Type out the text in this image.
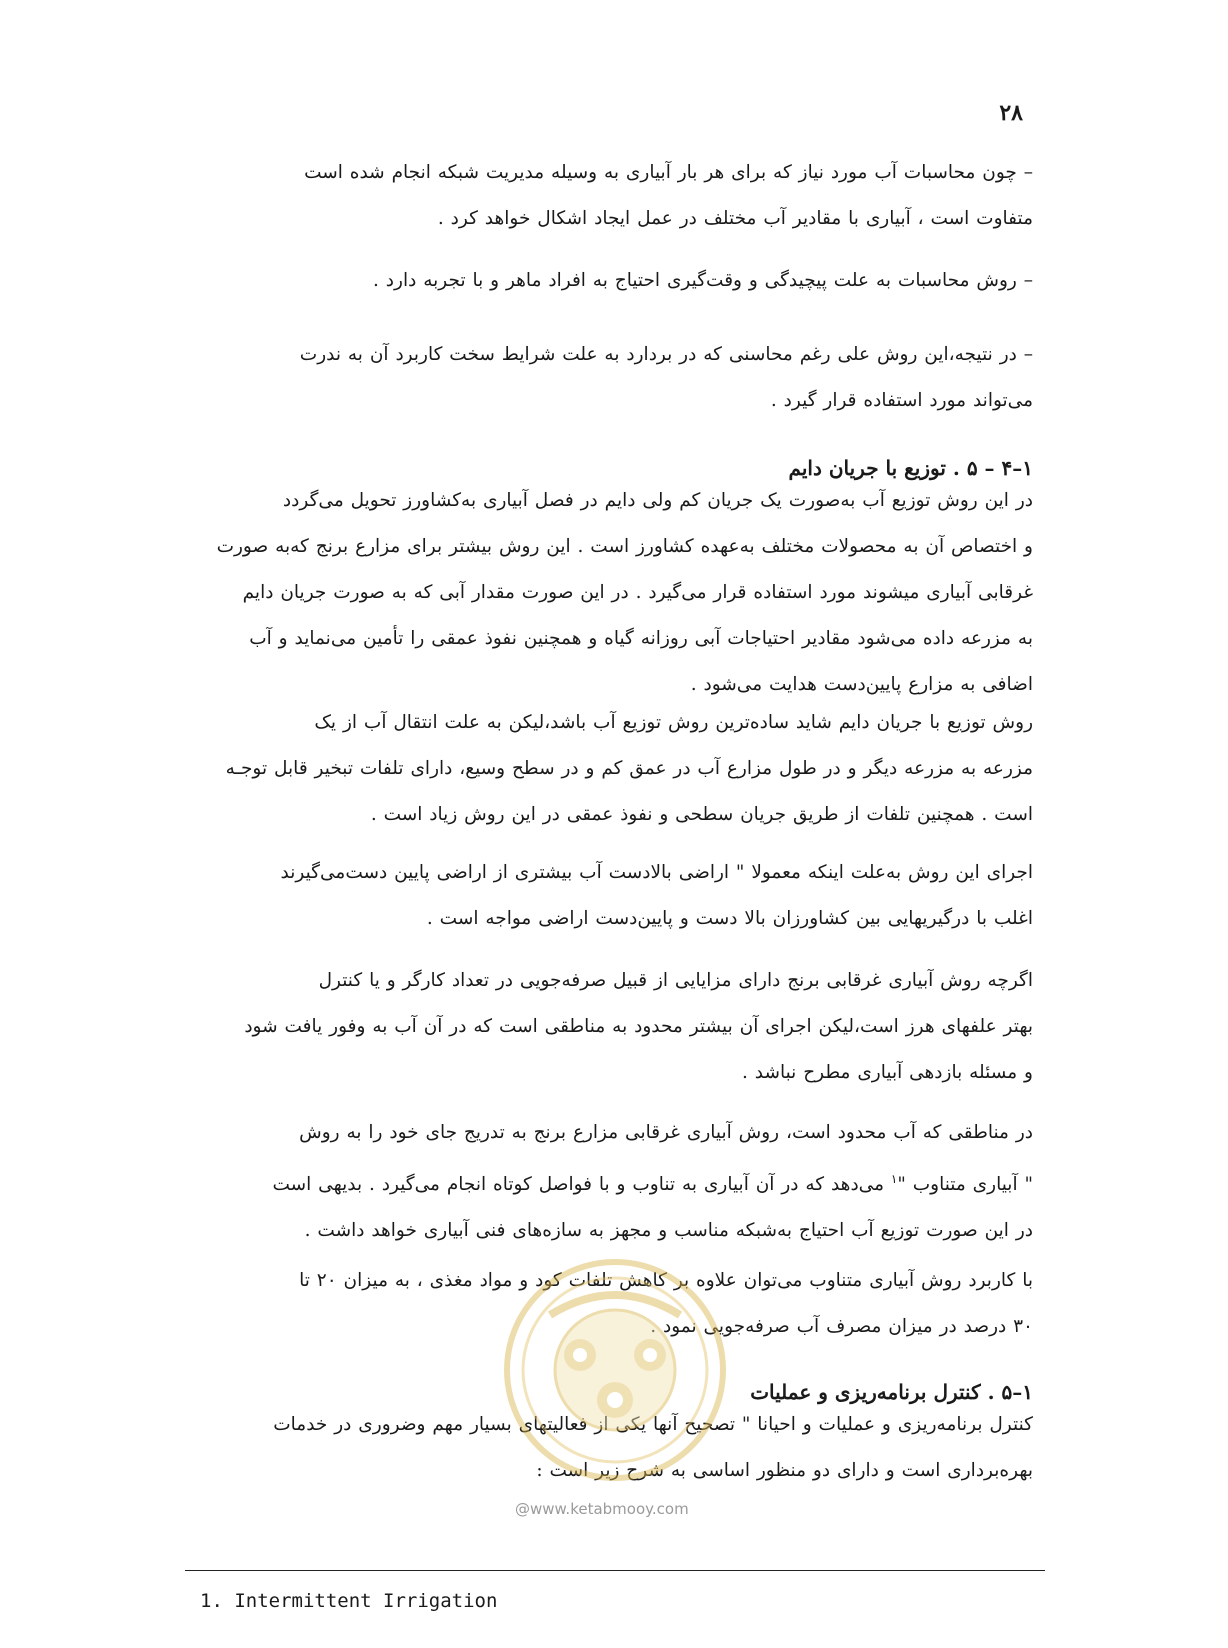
۲۸
– چون محاسبات آب مورد نیاز که برای هر بار آبیاری به وسیله مدیریت شبکه انجام شده است
متفاوت است ، آبیاری با مقادیر آب مختلف در عمل ایجاد اشکال خواهد کرد .
– روش محاسبات به علت پیچیدگی و وقت‌گیری احتیاج به افراد ماهر و با تجربه دارد .
– در نتیجه،این روش علی رغم محاسنی که در بردارد به علت شرایط سخت کاربرد آن به ندرت
می‌تواند مورد استفاده قرار گیرد .
۱–۴ – ۵ . توزیع با جریان دایم
در این روش توزیع آب به‌صورت یک جریان کم ولی دایم در فصل آبیاری به‌کشاورز تحویل می‌گردد
و اختصاص آن به محصولات مختلف به‌عهده کشاورز است . این روش بیشتر برای مزارع برنج که‌به صورت
غرقابی آبیاری میشوند مورد استفاده قرار می‌گیرد . در این صورت مقدار آبی که به صورت جریان دایم
به مزرعه داده می‌شود مقادیر احتیاجات آبی روزانه گیاه و همچنین نفوذ عمقی را تأمین می‌نماید و آب
اضافی به مزارع پایین‌دست هدایت می‌شود .
روش توزیع با جریان دایم شاید ساده‌ترین روش توزیع آب باشد،لیکن به علت انتقال آب از یک
مزرعه به مزرعه دیگر و در طول مزارع آب در عمق کم و در سطح وسیع، دارای تلفات تبخیر قابل توجـه
است . همچنین تلفات از طریق جریان سطحی و نفوذ عمقی در این روش زیاد است .
اجرای این روش به‌علت اینکه معمولا " اراضی بالادست آب بیشتری از اراضی پایین دست‌می‌گیرند
اغلب با درگیریهایی بین کشاورزان بالا دست و پایین‌دست اراضی مواجه است .
اگرچه روش آبیاری غرقابی برنج دارای مزایایی از قبیل صرفه‌جویی در تعداد کارگر و یا کنترل
بهتر علفهای هرز است،لیکن اجرای آن بیشتر محدود به مناطقی است که در آن آب به وفور یافت شود
و مسئله بازدهی آبیاری مطرح نباشد .
در مناطقی که آب محدود است، روش آبیاری غرقابی مزارع برنج به تدریج جای خود را به روش
" آبیاری متناوب "$^۱$ می‌دهد که در آن آبیاری به تناوب و با فواصل کوتاه انجام می‌گیرد . بدیهی است
در این صورت توزیع آب احتیاج به‌شبکه مناسب و مجهز به سازه‌های فنی آبیاری خواهد داشت .
با کاربرد روش آبیاری متناوب می‌توان علاوه بر کاهش تلفات کود و مواد مغذی ، به میزان ۲۰ تا
۳۰ درصد در میزان مصرف آب صرفه‌جویی نمود .
۱–۵ . کنترل برنامه‌ریزی و عملیات
کنترل برنامه‌ریزی و عملیات و احیانا " تصحیح آنها یکی از فعالیتهای بسیار مهم وضروری در خدمات
بهره‌برداری است و دارای دو منظور اساسی به شرح زیر است :
@www.ketabmooy.com
1. Intermittent Irrigation
